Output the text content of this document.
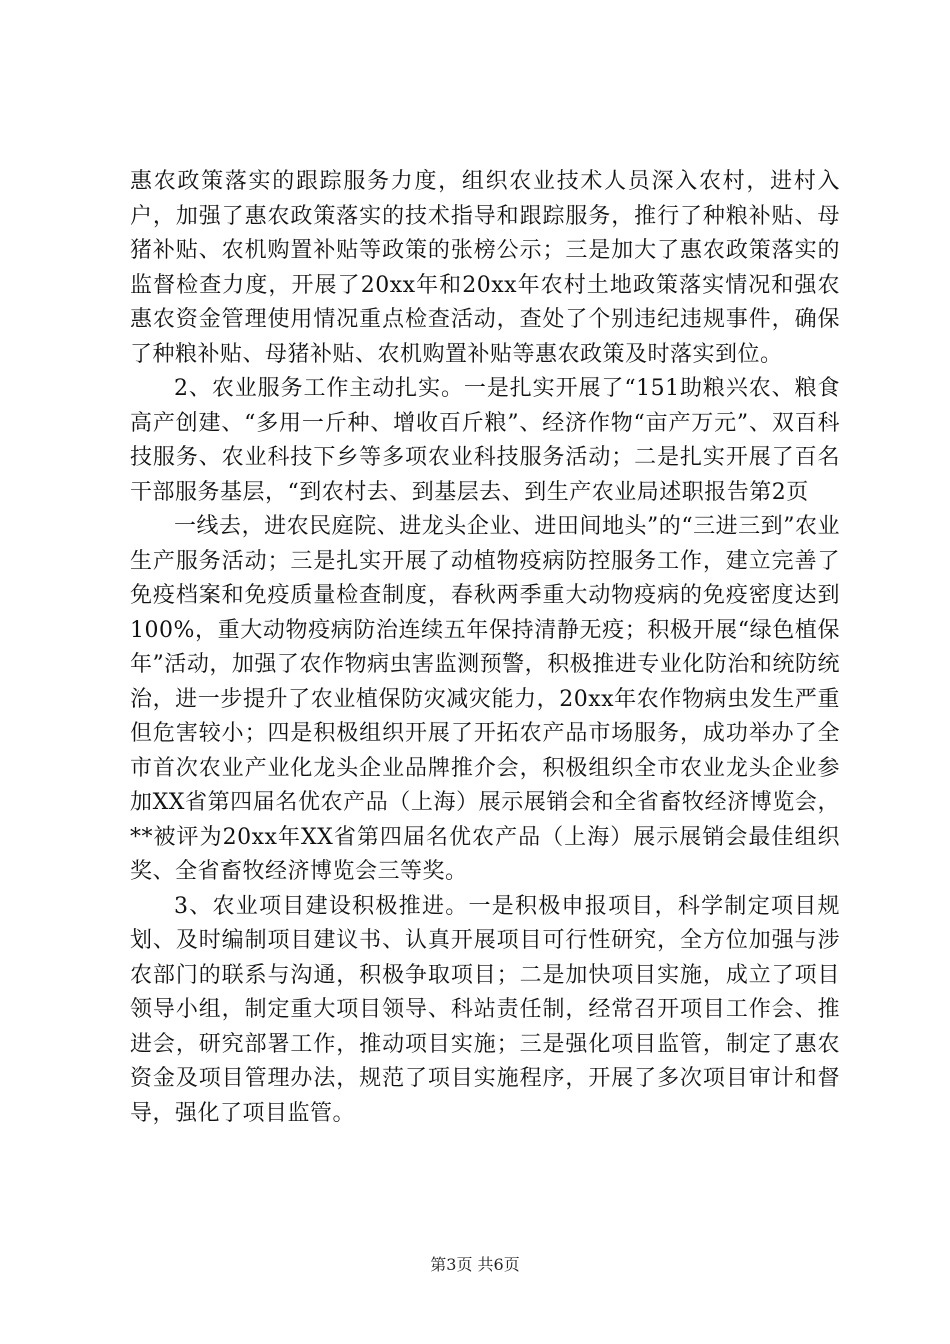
惠农政策落实的跟踪服务力度，组织农业技术人员深入农村，进村入户，加强了惠农政策落实的技术指导和跟踪服务，推行了种粮补贴、母猪补贴、农机购置补贴等政策的张榜公示；三是加大了惠农政策落实的监督检查力度，开展了20xx年和20xx年农村土地政策落实情况和强农惠农资金管理使用情况重点检查活动，查处了个别违纪违规事件，确保了种粮补贴、母猪补贴、农机购置补贴等惠农政策及时落实到位。

2、农业服务工作主动扎实。一是扎实开展了“151助粮兴农、粮食高产创建、“多用一斤种、增收百斤粮”、经济作物“亩产万元”、双百科技服务、农业科技下乡等多项农业科技服务活动；二是扎实开展了百名干部服务基层，“到农村去、到基层去、到生产农业局述职报告第2页

一线去，进农民庭院、进龙头企业、进田间地头”的“三进三到”农业生产服务活动；三是扎实开展了动植物疫病防控服务工作，建立完善了免疫档案和免疫质量检查制度，春秋两季重大动物疫病的免疫密度达到100%，重大动物疫病防治连续五年保持清静无疫；积极开展“绿色植保年”活动，加强了农作物病虫害监测预警，积极推进专业化防治和统防统治，进一步提升了农业植保防灾减灾能力，20xx年农作物病虫发生严重但危害较小；四是积极组织开展了开拓农产品市场服务，成功举办了全市首次农业产业化龙头企业品牌推介会，积极组织全市农业龙头企业参加XX省第四届名优农产品（上海）展示展销会和全省畜牧经济博览会，**被评为20xx年XX省第四届名优农产品（上海）展示展销会最佳组织奖、全省畜牧经济博览会三等奖。

3、农业项目建设积极推进。一是积极申报项目，科学制定项目规划、及时编制项目建议书、认真开展项目可行性研究，全方位加强与涉农部门的联系与沟通，积极争取项目；二是加快项目实施，成立了项目领导小组，制定重大项目领导、科站责任制，经常召开项目工作会、推进会，研究部署工作，推动项目实施；三是强化项目监管，制定了惠农资金及项目管理办法，规范了项目实施程序，开展了多次项目审计和督导，强化了项目监管。

第3页 共6页
